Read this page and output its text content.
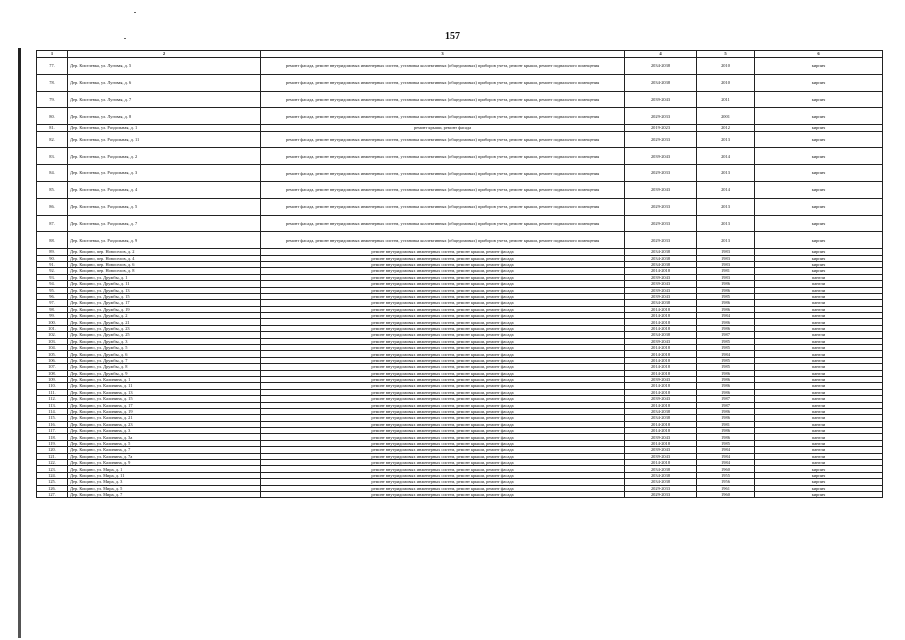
157
1	2	3	4	5	6
77.	Дер. Киселевка, ул. Луговая, д. 5	ремонт фасада, ремонт внутридомовых инженерных систем, установка коллективных (общедомовых) приборов учета, ремонт крыши, ремонт подвального помещения	2034-2038	2010	кирпич
78.	Дер. Киселевка, ул. Луговая, д. 6	ремонт фасада, ремонт внутридомовых инженерных систем, установка коллективных (общедомовых) приборов учета, ремонт крыши, ремонт подвального помещения	2034-2038	2010	кирпич
79.	Дер. Киселевка, ул. Луговая, д. 7	ремонт фасада, ремонт внутридомовых инженерных систем, установка коллективных (общедомовых) приборов учета, ремонт крыши, ремонт подвального помещения	2039-2043	2011	кирпич
80.	Дер. Киселевка, ул. Луговая, д. 8	ремонт фасада, ремонт внутридомовых инженерных систем, установка коллективных (общедомовых) приборов учета, ремонт крыши, ремонт подвального помещения	2029-2033	2001	кирпич
81.	Дер. Киселевка, ул. Раздольная, д. 1	ремонт крыши, ремонт фасада	2019-2023	2012	кирпич
82.	Дер. Киселевка, ул. Раздольная, д. 11	ремонт фасада, ремонт внутридомовых инженерных систем, установка коллективных (общедомовых) приборов учета, ремонт крыши, ремонт подвального помещения	2029-2033	2013	кирпич
83.	Дер. Киселевка, ул. Раздольная, д. 2	ремонт фасада, ремонт внутридомовых инженерных систем, установка коллективных (общедомовых) приборов учета, ремонт крыши, ремонт подвального помещения	2039-2043	2014	кирпич
84.	Дер. Киселевка, ул. Раздольная, д. 3	ремонт фасада, ремонт внутридомовых инженерных систем, установка коллективных (общедомовых) приборов учета, ремонт крыши, ремонт подвального помещения	2029-2033	2013	кирпич
85.	Дер. Киселевка, ул. Раздольная, д. 4	ремонт фасада, ремонт внутридомовых инженерных систем, установка коллективных (общедомовых) приборов учета, ремонт крыши, ремонт подвального помещения	2039-2043	2014	кирпич
86.	Дер. Киселевка, ул. Раздольная, д. 5	ремонт фасада, ремонт внутридомовых инженерных систем, установка коллективных (общедомовых) приборов учета, ремонт крыши, ремонт подвального помещения	2029-2033	2013	кирпич
87.	Дер. Киселевка, ул. Раздольная, д. 7	ремонт фасада, ремонт внутридомовых инженерных систем, установка коллективных (общедомовых) приборов учета, ремонт крыши, ремонт подвального помещения	2029-2033	2013	кирпич
88.	Дер. Киселевка, ул. Раздольная, д. 9	ремонт фасада, ремонт внутридомовых инженерных систем, установка коллективных (общедомовых) приборов учета, ремонт крыши, ремонт подвального помещения	2029-2033	2013	кирпич
89.	Дер. Кощино, пер. Новоселов, д. 2	ремонт внутридомовых инженерных систем, ремонт крыши, ремонт фасада	2034-2038	1983	кирпич
90.	Дер. Кощино, пер. Новоселов, д. 4	ремонт внутридомовых инженерных систем, ремонт крыши, ремонт фасада	2034-2038	1983	кирпич
91.	Дер. Кощино, пер. Новоселов, д. 6	ремонт внутридомовых инженерных систем, ремонт крыши, ремонт фасада	2034-2038	1983	кирпич
92.	Дер. Кощино, пер. Новоселов, д. 8	ремонт внутридомовых инженерных систем, ремонт крыши, ремонт фасада	2014-2018	1981	кирпич
93.	Дер. Кощино, ул. Дружбы, д. 1	ремонт внутридомовых инженерных систем, ремонт крыши, ремонт фасада	2039-2043	1983	панели
94.	Дер. Кощино, ул. Дружбы, д. 11	ремонт внутридомовых инженерных систем, ремонт крыши, ремонт фасада	2039-2043	1986	панели
95.	Дер. Кощино, ул. Дружбы, д. 13	ремонт внутридомовых инженерных систем, ремонт крыши, ремонт фасада	2039-2043	1986	панели
96.	Дер. Кощино, ул. Дружбы, д. 15	ремонт внутридомовых инженерных систем, ремонт крыши, ремонт фасада	2039-2043	1985	панели
97.	Дер. Кощино, ул. Дружбы, д. 17	ремонт внутридомовых инженерных систем, ремонт крыши, ремонт фасада	2034-2038	1986	панели
98.	Дер. Кощино, ул. Дружбы, д. 19	ремонт внутридомовых инженерных систем, ремонт крыши, ремонт фасада	2014-2018	1986	панели
99.	Дер. Кощино, ул. Дружбы, д. 2	ремонт внутридомовых инженерных систем, ремонт крыши, ремонт фасада	2014-2018	1984	панели
100.	Дер. Кощино, ул. Дружбы, д. 21	ремонт внутридомовых инженерных систем, ремонт крыши, ремонт фасада	2014-2018	1986	панели
101.	Дер. Кощино, ул. Дружбы, д. 23	ремонт внутридомовых инженерных систем, ремонт крыши, ремонт фасада	2014-2018	1986	панели
102.	Дер. Кощино, ул. Дружбы, д. 25	ремонт внутридомовых инженерных систем, ремонт крыши, ремонт фасада	2034-2038	1987	панели
103.	Дер. Кощино, ул. Дружбы, д. 3	ремонт внутридомовых инженерных систем, ремонт крыши, ремонт фасада	2039-2043	1985	панели
104.	Дер. Кощино, ул. Дружбы, д. 5	ремонт внутридомовых инженерных систем, ремонт крыши, ремонт фасада	2014-2018	1985	панели
105.	Дер. Кощино, ул. Дружбы, д. 6	ремонт внутридомовых инженерных систем, ремонт крыши, ремонт фасада	2014-2018	1984	панели
106.	Дер. Кощино, ул. Дружбы, д. 7	ремонт внутридомовых инженерных систем, ремонт крыши, ремонт фасада	2014-2018	1985	панели
107.	Дер. Кощино, ул. Дружбы, д. 8	ремонт внутридомовых инженерных систем, ремонт крыши, ремонт фасада	2014-2018	1985	панели
108.	Дер. Кощино, ул. Дружбы, д. 9	ремонт внутридомовых инженерных систем, ремонт крыши, ремонт фасада	2014-2018	1986	панели
109.	Дер. Кощино, ул. Калинина, д. 1	ремонт внутридомовых инженерных систем, ремонт крыши, ремонт фасада	2039-2043	1986	панели
110.	Дер. Кощино, ул. Калинина, д. 11	ремонт внутридомовых инженерных систем, ремонт крыши, ремонт фасада	2014-2018	1986	панели
111.	Дер. Кощино, ул. Калинина, д. 13	ремонт внутридомовых инженерных систем, ремонт крыши, ремонт фасада	2014-2018	1986	панели
112.	Дер. Кощино, ул. Калинина, д. 15	ремонт внутридомовых инженерных систем, ремонт крыши, ремонт фасада	2039-2043	1987	панели
113.	Дер. Кощино, ул. Калинина, д. 17	ремонт внутридомовых инженерных систем, ремонт крыши, ремонт фасада	2014-2018	1987	панели
114.	Дер. Кощино, ул. Калинина, д. 19	ремонт внутридомовых инженерных систем, ремонт крыши, ремонт фасада	2034-2038	1986	панели
115.	Дер. Кощино, ул. Калинина, д. 21	ремонт внутридомовых инженерных систем, ремонт крыши, ремонт фасада	2034-2038	1986	панели
116.	Дер. Кощино, ул. Калинина, д. 23	ремонт внутридомовых инженерных систем, ремонт крыши, ремонт фасада	2014-2018	1981	панели
117.	Дер. Кощино, ул. Калинина, д. 3	ремонт внутридомовых инженерных систем, ремонт крыши, ремонт фасада	2014-2018	1986	панели
118.	Дер. Кощино, ул. Калинина, д. 3а	ремонт внутридомовых инженерных систем, ремонт крыши, ремонт фасада	2039-2043	1986	панели
119.	Дер. Кощино, ул. Калинина, д. 5	ремонт внутридомовых инженерных систем, ремонт крыши, ремонт фасада	2014-2018	1985	панели
120.	Дер. Кощино, ул. Калинина, д. 7	ремонт внутридомовых инженерных систем, ремонт крыши, ремонт фасада	2039-2043	1984	панели
121.	Дер. Кощино, ул. Калинина, д. 7а	ремонт внутридомовых инженерных систем, ремонт крыши, ремонт фасада	2039-2043	1984	панели
122.	Дер. Кощино, ул. Калинина, д. 9	ремонт внутридомовых инженерных систем, ремонт крыши, ремонт фасада	2014-2018	1984	панели
123.	Дер. Кощино, ул. Мира, д. 1	ремонт внутридомовых инженерных систем, ремонт крыши, ремонт фасада	2034-2038	1960	кирпич
124.	Дер. Кощино, ул. Мира, д. 11	ремонт внутридомовых инженерных систем, ремонт крыши, ремонт фасада	2034-2038	1955	кирпич
125.	Дер. Кощино, ул. Мира, д. 3	ремонт внутридомовых инженерных систем, ремонт крыши, ремонт фасада	2034-2038	1956	кирпич
126.	Дер. Кощино, ул. Мира, д. 5	ремонт внутридомовых инженерных систем, ремонт крыши, ремонт фасада	2029-2033	1961	кирпич
127.	Дер. Кощино, ул. Мира, д. 7	ремонт внутридомовых инженерных систем, ремонт крыши, ремонт фасада	2029-2033	1960	кирпич
